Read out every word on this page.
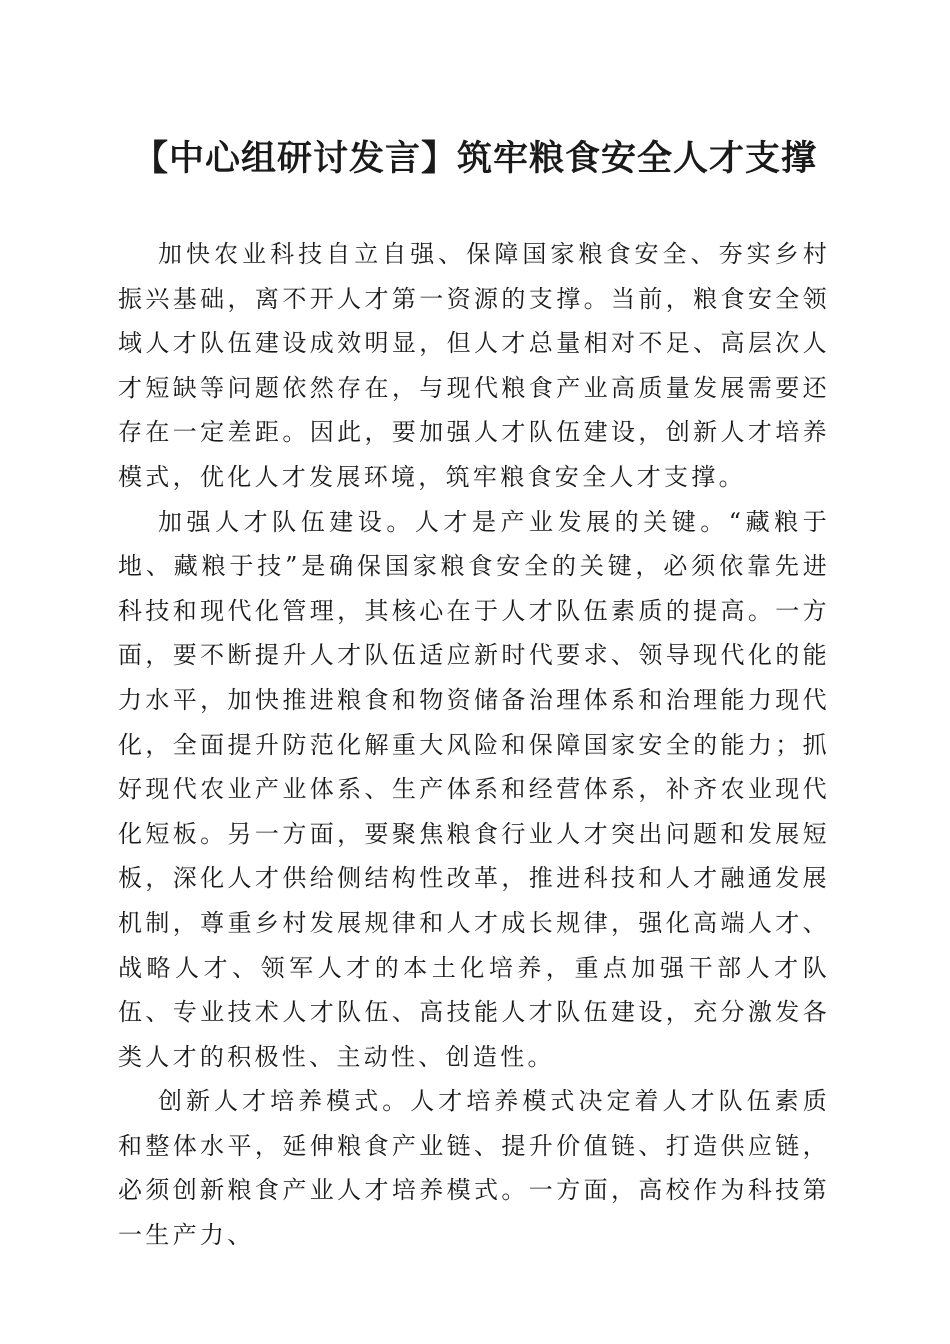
【中心组研讨发言】筑牢粮食安全人才支撑

加快农业科技自立自强、保障国家粮食安全、夯实乡村振兴基础，离不开人才第一资源的支撑。当前，粮食安全领域人才队伍建设成效明显，但人才总量相对不足、高层次人才短缺等问题依然存在，与现代粮食产业高质量发展需要还存在一定差距。因此，要加强人才队伍建设，创新人才培养模式，优化人才发展环境，筑牢粮食安全人才支撑。

加强人才队伍建设。人才是产业发展的关键。“藏粮于地、藏粮于技”是确保国家粮食安全的关键，必须依靠先进科技和现代化管理，其核心在于人才队伍素质的提高。一方面，要不断提升人才队伍适应新时代要求、领导现代化的能力水平，加快推进粮食和物资储备治理体系和治理能力现代化，全面提升防范化解重大风险和保障国家安全的能力；抓好现代农业产业体系、生产体系和经营体系，补齐农业现代化短板。另一方面，要聚焦粮食行业人才突出问题和发展短板，深化人才供给侧结构性改革，推进科技和人才融通发展机制，尊重乡村发展规律和人才成长规律，强化高端人才、战略人才、领军人才的本土化培养，重点加强干部人才队伍、专业技术人才队伍、高技能人才队伍建设，充分激发各类人才的积极性、主动性、创造性。

创新人才培养模式。人才培养模式决定着人才队伍素质和整体水平，延伸粮食产业链、提升价值链、打造供应链，必须创新粮食产业人才培养模式。一方面，高校作为科技第一生产力、
